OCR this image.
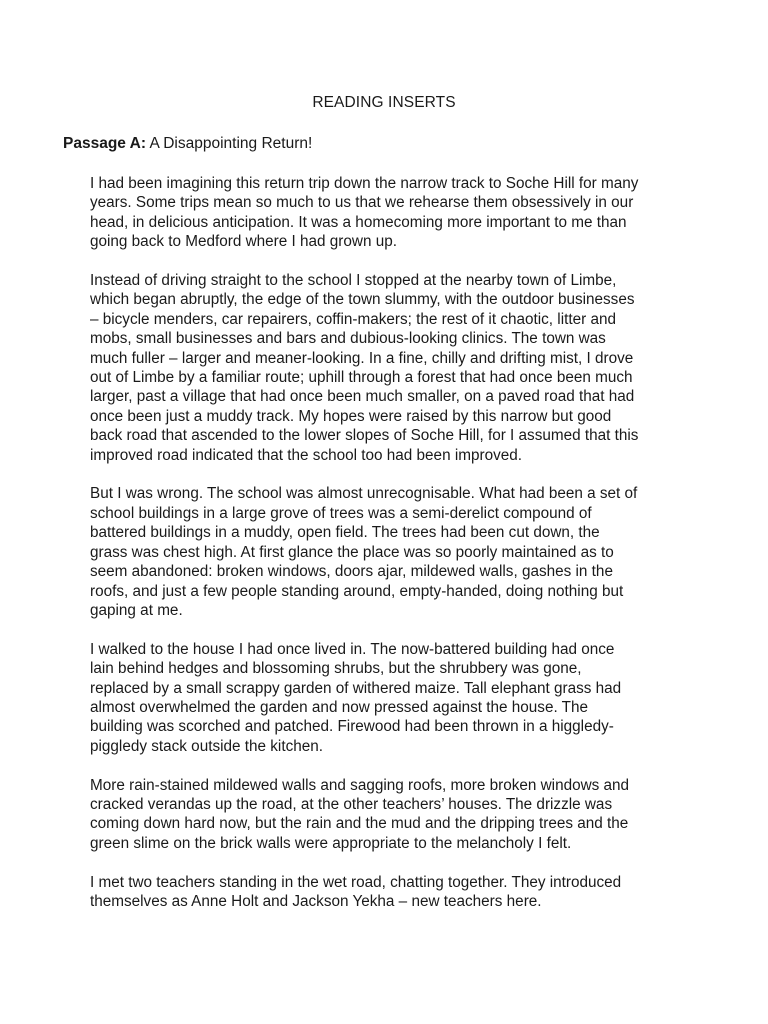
READING INSERTS
Passage A: A Disappointing Return!

I had been imagining this return trip down the narrow track to Soche Hill for many
years. Some trips mean so much to us that we rehearse them obsessively in our
head, in delicious anticipation. It was a homecoming more important to me than
going back to Medford where I had grown up.

Instead of driving straight to the school I stopped at the nearby town of Limbe,
which began abruptly, the edge of the town slummy, with the outdoor businesses
– bicycle menders, car repairers, coffin-makers; the rest of it chaotic, litter and
mobs, small businesses and bars and dubious-looking clinics. The town was
much fuller – larger and meaner-looking. In a fine, chilly and drifting mist, I drove
out of Limbe by a familiar route; uphill through a forest that had once been much
larger, past a village that had once been much smaller, on a paved road that had
once been just a muddy track. My hopes were raised by this narrow but good
back road that ascended to the lower slopes of Soche Hill, for I assumed that this
improved road indicated that the school too had been improved.

But I was wrong. The school was almost unrecognisable. What had been a set of
school buildings in a large grove of trees was a semi-derelict compound of
battered buildings in a muddy, open field. The trees had been cut down, the
grass was chest high. At first glance the place was so poorly maintained as to
seem abandoned: broken windows, doors ajar, mildewed walls, gashes in the
roofs, and just a few people standing around, empty-handed, doing nothing but
gaping at me.

I walked to the house I had once lived in. The now-battered building had once
lain behind hedges and blossoming shrubs, but the shrubbery was gone,
replaced by a small scrappy garden of withered maize. Tall elephant grass had
almost overwhelmed the garden and now pressed against the house. The
building was scorched and patched. Firewood had been thrown in a higgledy-
piggledy stack outside the kitchen.

More rain-stained mildewed walls and sagging roofs, more broken windows and
cracked verandas up the road, at the other teachers’ houses. The drizzle was
coming down hard now, but the rain and the mud and the dripping trees and the
green slime on the brick walls were appropriate to the melancholy I felt.

I met two teachers standing in the wet road, chatting together. They introduced
themselves as Anne Holt and Jackson Yekha – new teachers here.
